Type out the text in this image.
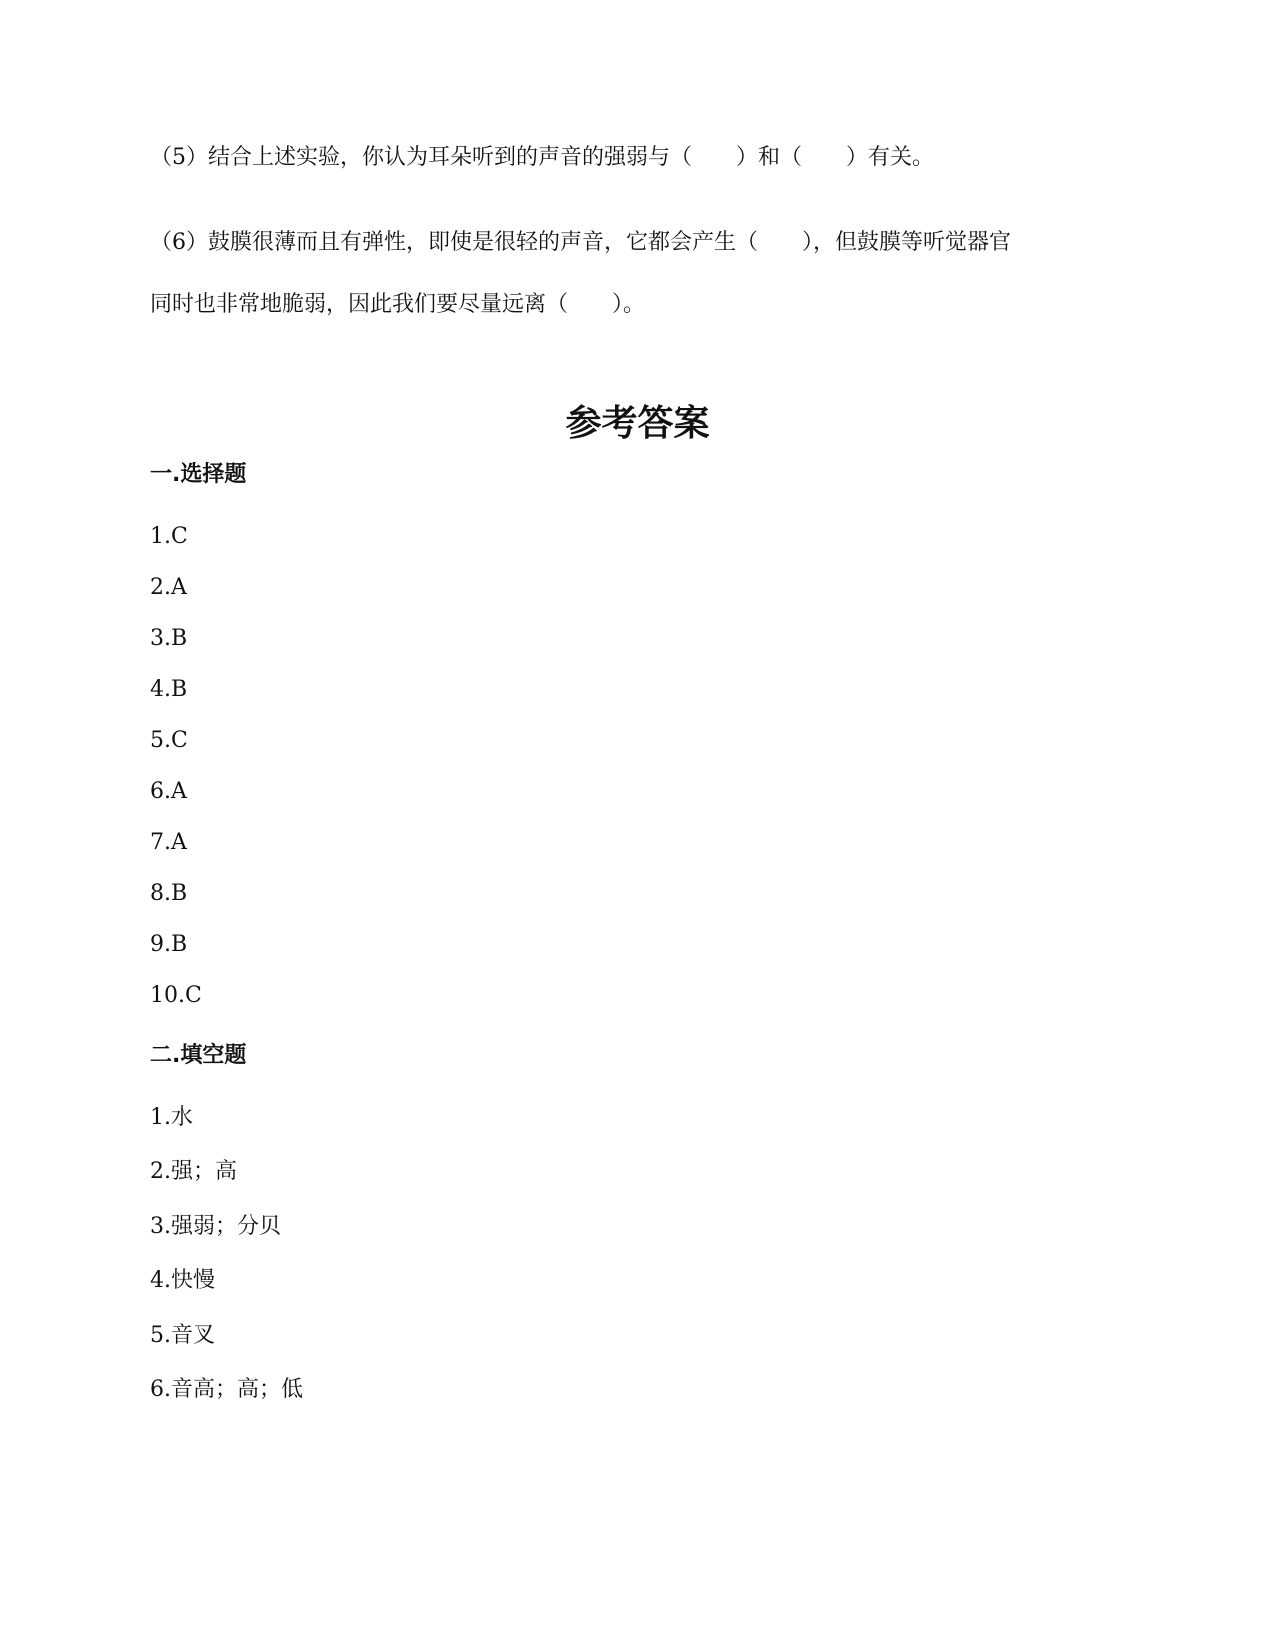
（5）结合上述实验，你认为耳朵听到的声音的强弱与（　　）和（　　）有关。
（6）鼓膜很薄而且有弹性，即使是很轻的声音，它都会产生（　　），但鼓膜等听觉器官
同时也非常地脆弱，因此我们要尽量远离（　　）。
参考答案
一.选择题
1.C
2.A
3.B
4.B
5.C
6.A
7.A
8.B
9.B
10.C
二.填空题
1.水
2.强；高
3.强弱；分贝
4.快慢
5.音叉
6.音高；高；低
